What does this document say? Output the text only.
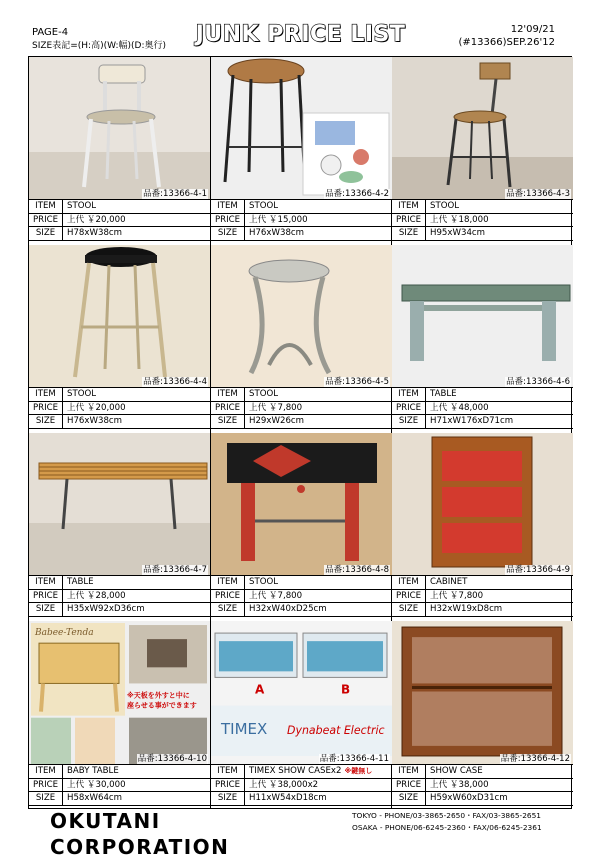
PAGE-4
SIZE表記=(H:高)(W:幅)(D:奥行)	JUNK PRICE LIST	12'09/21
(#13366)SEP.26'12
品番:13366-4-1
ITEM	STOOL
PRICE	上代 ￥20,000
SIZE	H78xW38cm
品番:13366-4-2
ITEM	STOOL
PRICE	上代 ￥15,000
SIZE	H76xW38cm
品番:13366-4-3
ITEM	STOOL
PRICE	上代 ￥18,000
SIZE	H95xW34cm
品番:13366-4-4
ITEM	STOOL
PRICE	上代 ￥20,000
SIZE	H76xW38cm
品番:13366-4-5
ITEM	STOOL
PRICE	上代 ￥7,800
SIZE	H29xW26cm
品番:13366-4-6
ITEM	TABLE
PRICE	上代 ￥48,000
SIZE	H71xW176xD71cm
品番:13366-4-7
ITEM	TABLE
PRICE	上代 ￥28,000
SIZE	H35xW92xD36cm
品番:13366-4-8
ITEM	STOOL
PRICE	上代 ￥7,800
SIZE	H32xW40xD25cm
品番:13366-4-9
ITEM	CABINET
PRICE	上代 ￥7,800
SIZE	H32xW19xD8cm
Babee-Tenda
※天板を外すと中に
座らせる事ができます
品番:13366-4-10
ITEM	BABY TABLE
PRICE	上代 ￥30,000
SIZE	H58xW64cm
A	B
TIMEX Dynabeat Electric
品番:13366-4-11
ITEM	TIMEX SHOW CASEx2 ※鍵無し
PRICE	上代 ￥38,000x2
SIZE	H11xW54xD18cm
品番:13366-4-12
ITEM	SHOW CASE
PRICE	上代 ￥38,000
SIZE	H59xW60xD31cm
OKUTANI CORPORATION
TOKYO - PHONE/03-3865-2650・FAX/03-3865-2651
OSAKA - PHONE/06-6245-2360・FAX/06-6245-2361
